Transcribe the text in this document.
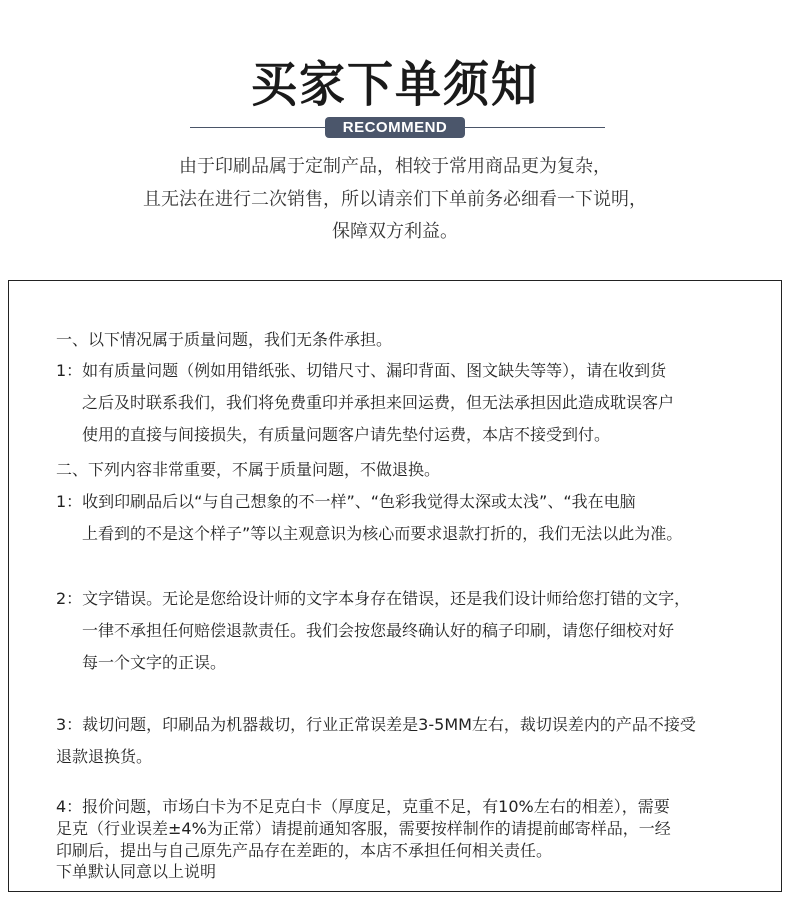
买家下单须知
RECOMMEND
由于印刷品属于定制产品，相较于常用商品更为复杂，
且无法在进行二次销售，所以请亲们下单前务必细看一下说明，
保障双方利益。
一、以下情况属于质量问题，我们无条件承担。
1：如有质量问题（例如用错纸张、切错尺寸、漏印背面、图文缺失等等），请在收到货
之后及时联系我们，我们将免费重印并承担来回运费，但无法承担因此造成耽误客户
使用的直接与间接损失，有质量问题客户请先垫付运费，本店不接受到付。
二、下列内容非常重要，不属于质量问题，不做退换。
1：收到印刷品后以“与自己想象的不一样”、“色彩我觉得太深或太浅”、“我在电脑
上看到的不是这个样子”等以主观意识为核心而要求退款打折的，我们无法以此为准。
2：文字错误。无论是您给设计师的文字本身存在错误，还是我们设计师给您打错的文字，
一律不承担任何赔偿退款责任。我们会按您最终确认好的稿子印刷，请您仔细校对好
每一个文字的正误。
3：裁切问题，印刷品为机器裁切，行业正常误差是3-5MM左右，裁切误差内的产品不接受
退款退换货。
4：报价问题，市场白卡为不足克白卡（厚度足，克重不足，有10%左右的相差），需要
足克（行业误差±4%为正常）请提前通知客服，需要按样制作的请提前邮寄样品，一经
印刷后，提出与自己原先产品存在差距的，本店不承担任何相关责任。
下单默认同意以上说明
